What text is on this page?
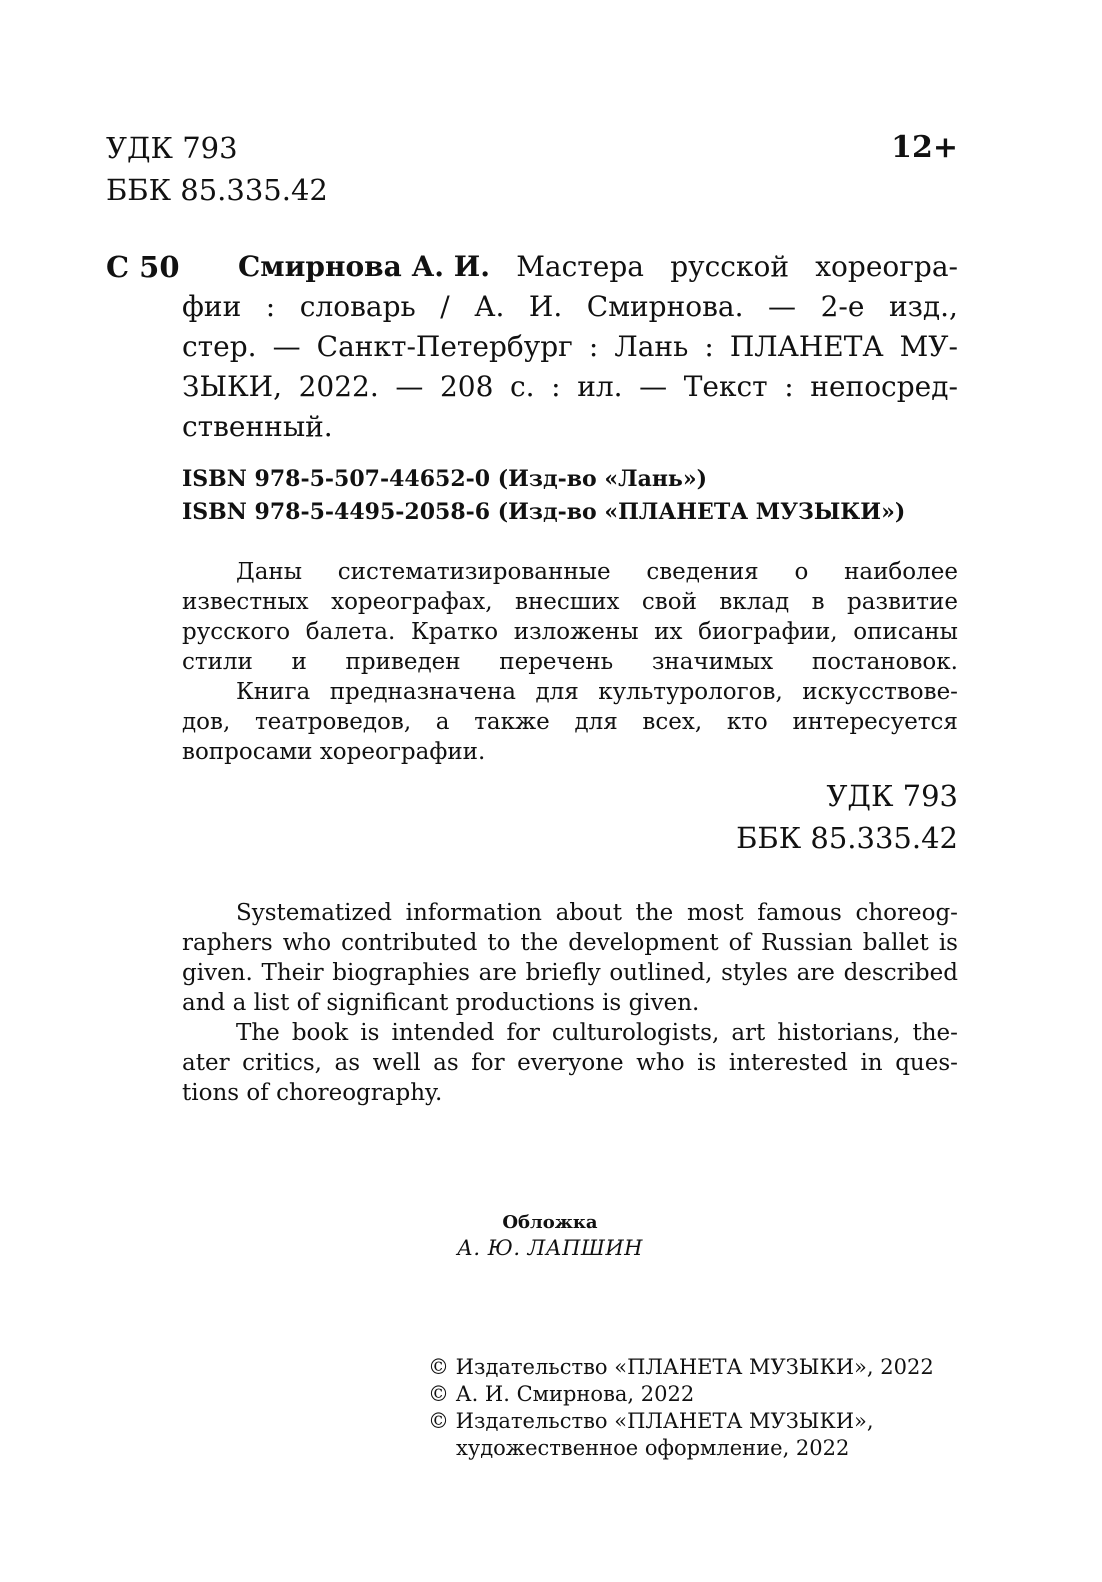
УДК 793
ББК 85.335.42
12+
С 50 Смирнова А. И. Мастера русской хореогра-
фии : словарь / А. И. Смирнова. — 2-е изд.,
стер. — Санкт-Петербург : Лань : ПЛАНЕТА МУ-
ЗЫКИ, 2022. — 208 с. : ил. — Текст : непосред-
ственный.
ISBN 978-5-507-44652-0 (Изд-во «Лань»)
ISBN 978-5-4495-2058-6 (Изд-во «ПЛАНЕТА МУЗЫКИ»)
Даны систематизированные сведения о наиболее
известных хореографах, внесших свой вклад в развитие
русского балета. Кратко изложены их биографии, описаны
стили и приведен перечень значимых постановок.
Книга предназначена для культурологов, искусствове-
дов, театроведов, а также для всех, кто интересуется
вопросами
хореографии.
УДК 793
ББК 85.335.42
Systematized information about the most famous choreog-
raphers who contributed to the development of Russian ballet is
given. Their biographies are briefly outlined, styles are described
and
a
list
of
significant
productions
is
given.
The book is intended for culturologists, art historians, the-
ater critics, as well as for everyone who is interested in ques-
tions
of
choreography.
Обложка
А. Ю. ЛАПШИН
© Издательство «ПЛАНЕТА МУЗЫКИ», 2022
© А. И. Смирнова, 2022
© Издательство «ПЛАНЕТА МУЗЫКИ»,
художественное оформление, 2022
